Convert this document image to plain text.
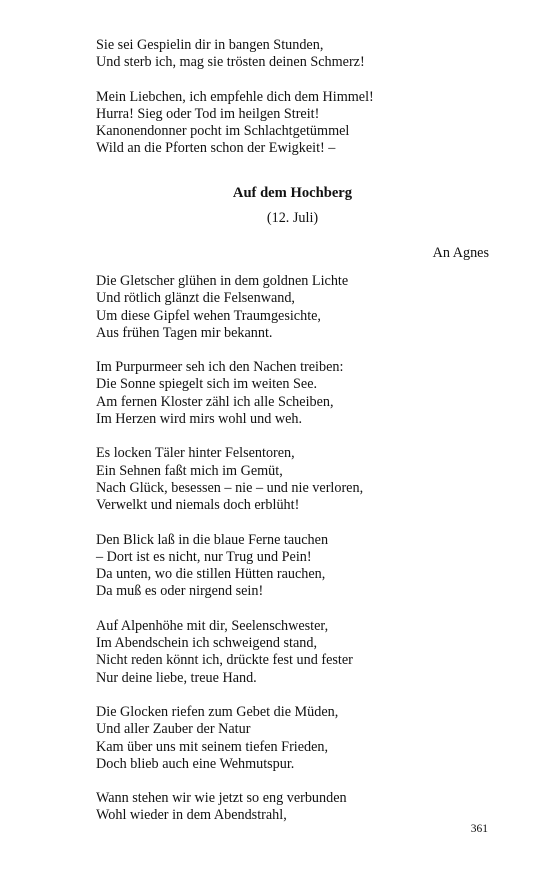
Sie sei Gespielin dir in bangen Stunden,
Und sterb ich, mag sie trösten deinen Schmerz!
Mein Liebchen, ich empfehle dich dem Himmel!
Hurra! Sieg oder Tod im heilgen Streit!
Kanonendonner pocht im Schlachtgetümmel
Wild an die Pforten schon der Ewigkeit! –
Auf dem Hochberg
(12. Juli)
An Agnes
Die Gletscher glühen in dem goldnen Lichte
Und rötlich glänzt die Felsenwand,
Um diese Gipfel wehen Traumgesichte,
Aus frühen Tagen mir bekannt.
Im Purpurmeer seh ich den Nachen treiben:
Die Sonne spiegelt sich im weiten See.
Am fernen Kloster zähl ich alle Scheiben,
Im Herzen wird mirs wohl und weh.
Es locken Täler hinter Felsentoren,
Ein Sehnen faßt mich im Gemüt,
Nach Glück, besessen – nie – und nie verloren,
Verwelkt und niemals doch erblüht!
Den Blick laß in die blaue Ferne tauchen
– Dort ist es nicht, nur Trug und Pein!
Da unten, wo die stillen Hütten rauchen,
Da muß es oder nirgend sein!
Auf Alpenhöhe mit dir, Seelenschwester,
Im Abendschein ich schweigend stand,
Nicht reden könnt ich, drückte fest und fester
Nur deine liebe, treue Hand.
Die Glocken riefen zum Gebet die Müden,
Und aller Zauber der Natur
Kam über uns mit seinem tiefen Frieden,
Doch blieb auch eine Wehmutspur.
Wann stehen wir wie jetzt so eng verbunden
Wohl wieder in dem Abendstrahl,
361
